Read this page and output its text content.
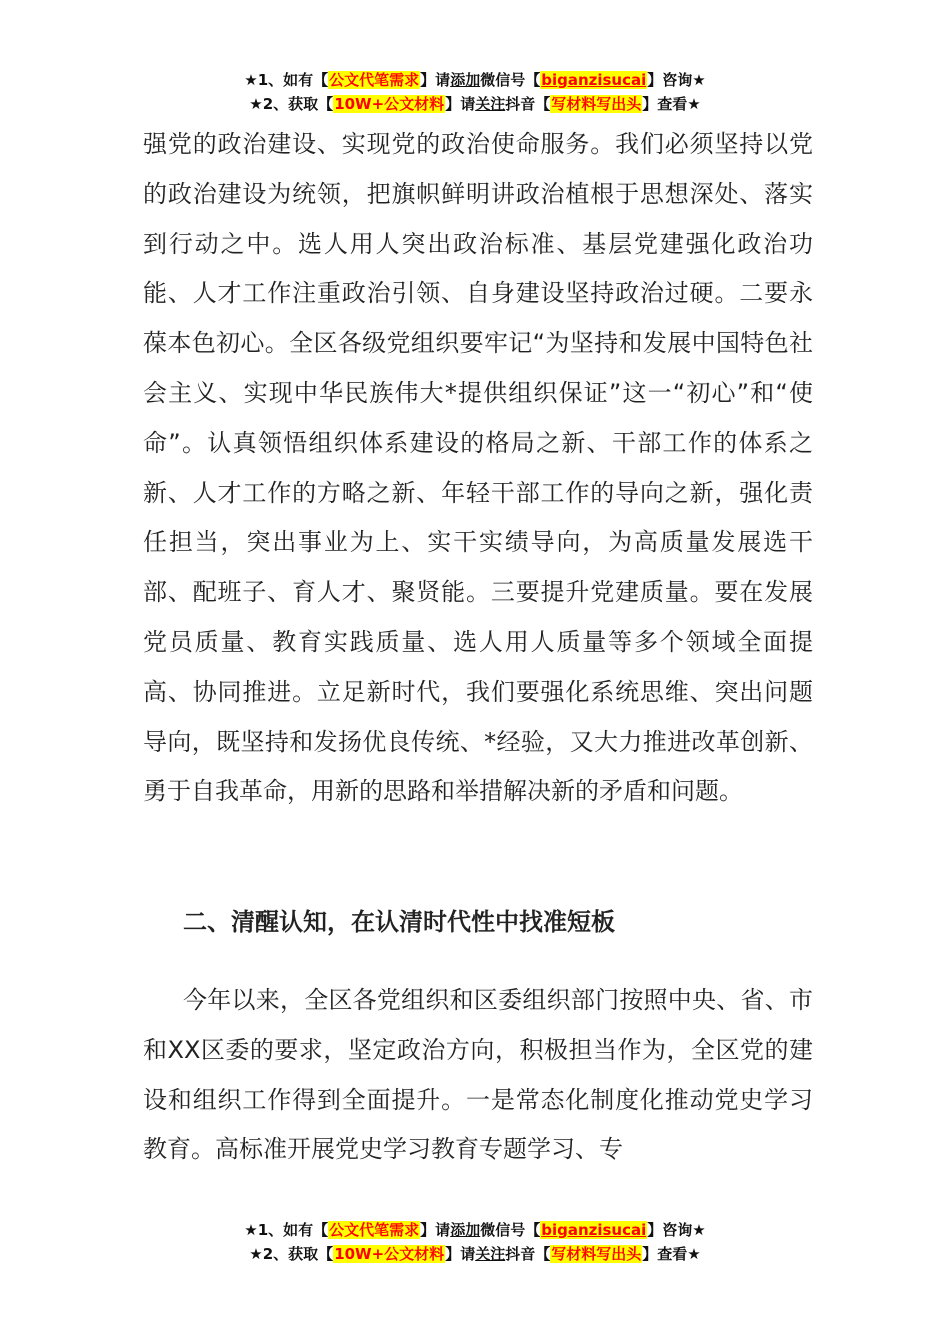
★1、如有【公文代笔需求】请添加微信号【biganzisucai】咨询★
★2、获取【10W+公文材料】请关注抖音【写材料写出头】查看★

强党的政治建设、实现党的政治使命服务。我们必须坚持以党的政治建设为统领，把旗帜鲜明讲政治植根于思想深处、落实到行动之中。选人用人突出政治标准、基层党建强化政治功能、人才工作注重政治引领、自身建设坚持政治过硬。二要永葆本色初心。全区各级党组织要牢记“为坚持和发展中国特色社会主义、实现中华民族伟大*提供组织保证”这一“初心”和“使命”。认真领悟组织体系建设的格局之新、干部工作的体系之新、人才工作的方略之新、年轻干部工作的导向之新，强化责任担当，突出事业为上、实干实绩导向，为高质量发展选干部、配班子、育人才、聚贤能。三要提升党建质量。要在发展党员质量、教育实践质量、选人用人质量等多个领域全面提高、协同推进。立足新时代，我们要强化系统思维、突出问题导向，既坚持和发扬优良传统、*经验，又大力推进改革创新、勇于自我革命，用新的思路和举措解决新的矛盾和问题。

二、清醒认知，在认清时代性中找准短板

今年以来，全区各党组织和区委组织部门按照中央、省、市和XX区委的要求，坚定政治方向，积极担当作为，全区党的建设和组织工作得到全面提升。一是常态化制度化推动党史学习教育。高标准开展党史学习教育专题学习、专

★1、如有【公文代笔需求】请添加微信号【biganzisucai】咨询★
★2、获取【10W+公文材料】请关注抖音【写材料写出头】查看★
